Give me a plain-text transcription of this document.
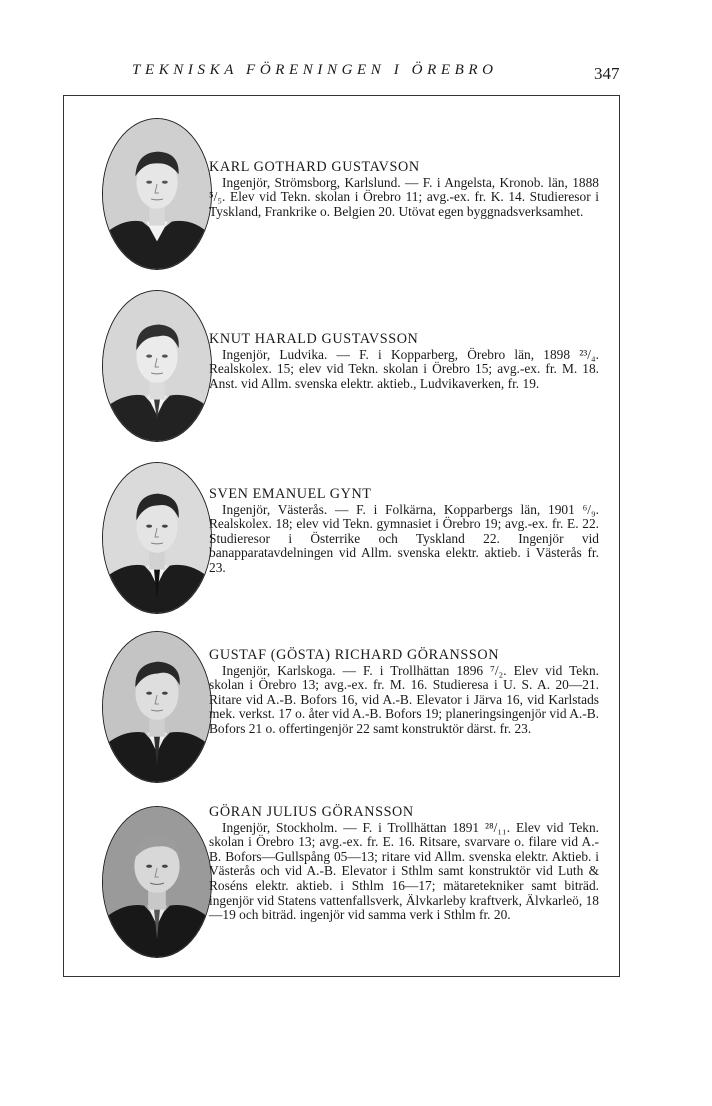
TEKNISKA FÖRENINGEN I ÖREBRO	347
KARL GOTHARD GUSTAVSON
Ingenjör, Strömsborg, Karlslund. — F. i Angelsta, Kronob. län, 1888 ⁵/₅. Elev vid Tekn. skolan i Örebro 11; avg.-ex. fr. K. 14. Studieresor i Tyskland, Frankrike o. Belgien 20. Utövat egen byggnadsverksamhet.
KNUT HARALD GUSTAVSSON
Ingenjör, Ludvika. — F. i Kopparberg, Örebro län, 1898 ²³/₄. Realskolex. 15; elev vid Tekn. skolan i Örebro 15; avg.-ex. fr. M. 18. Anst. vid Allm. svenska elektr. aktieb., Ludvikaverken, fr. 19.
SVEN EMANUEL GYNT
Ingenjör, Västerås. — F. i Folkärna, Kopparbergs län, 1901 ⁶/₉. Realskolex. 18; elev vid Tekn. gymnasiet i Örebro 19; avg.-ex. fr. E. 22. Studieresor i Österrike och Tyskland 22. Ingenjör vid banapparatavdelningen vid Allm. svenska elektr. aktieb. i Västerås fr. 23.
GUSTAF (GÖSTA) RICHARD GÖRANSSON
Ingenjör, Karlskoga. — F. i Trollhättan 1896 ⁷/₂. Elev vid Tekn. skolan i Örebro 13; avg.-ex. fr. M. 16. Studieresa i U. S. A. 20—21. Ritare vid A.-B. Bofors 16, vid A.-B. Elevator i Järva 16, vid Karlstads mek. verkst. 17 o. åter vid A.-B. Bofors 19; planeringsingenjör vid A.-B. Bofors 21 o. offertingenjör 22 samt konstruktör därst. fr. 23.
GÖRAN JULIUS GÖRANSSON
Ingenjör, Stockholm. — F. i Trollhättan 1891 ²⁸/₁₁. Elev vid Tekn. skolan i Örebro 13; avg.-ex. fr. E. 16. Ritsare, svarvare o. filare vid A.-B. Bofors—Gullspång 05—13; ritare vid Allm. svenska elektr. Aktieb. i Västerås och vid A.-B. Elevator i Sthlm samt konstruktör vid Luth & Roséns elektr. aktieb. i Sthlm 16—17; mätaretekniker samt biträd. ingenjör vid Statens vattenfallsverk, Älvkarleby kraftverk, Älvkarleö, 18—19 och biträd. ingenjör vid samma verk i Sthlm fr. 20.
